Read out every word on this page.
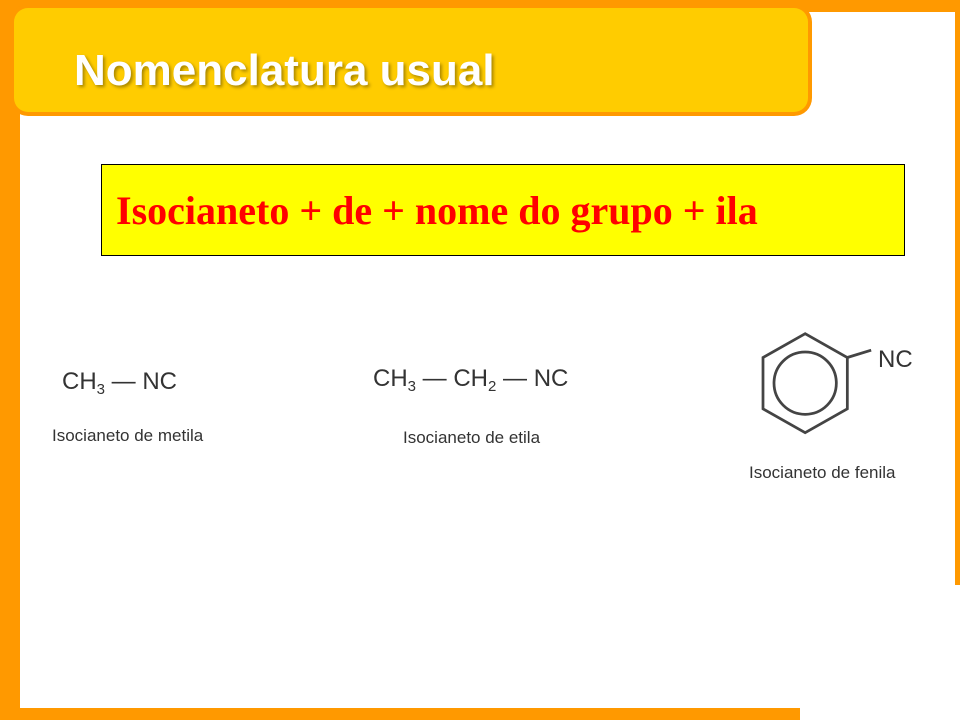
Nomenclatura usual
Isocianeto + de + nome do grupo + ila
$CH_3$ — NC
Isocianeto de metila
$CH_3$ — $CH_2$ — NC
Isocianeto de etila
NC
Isocianeto de fenila
